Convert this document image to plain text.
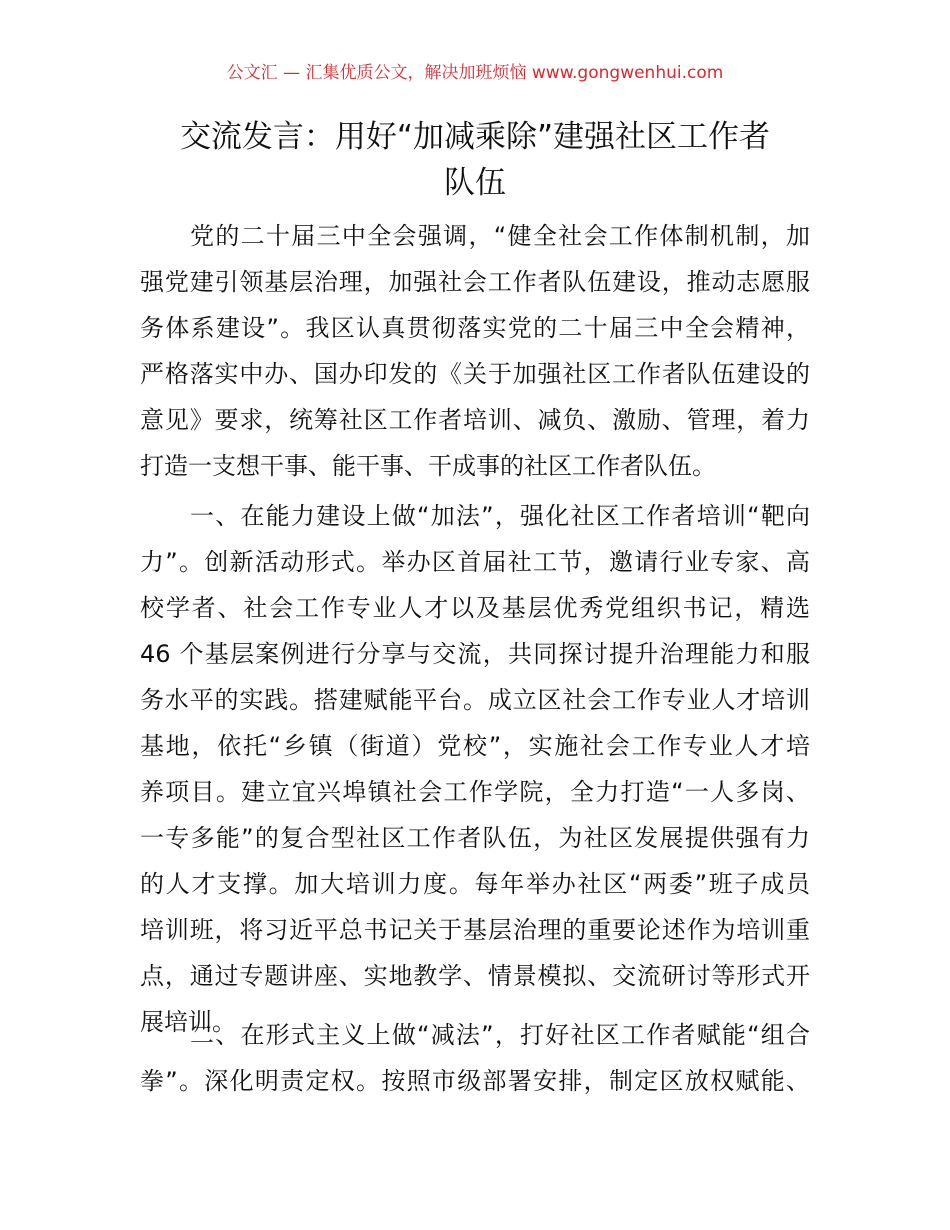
公文汇 — 汇集优质公文，解决加班烦恼 www.gongwenhui.com
交流发言：用好“加减乘除”建强社区工作者
队伍
党的二十届三中全会强调，“健全社会工作体制机制，加
强党建引领基层治理，加强社会工作者队伍建设，推动志愿服
务体系建设”。我区认真贯彻落实党的二十届三中全会精神，
严格落实中办、国办印发的《关于加强社区工作者队伍建设的
意见》要求，统筹社区工作者培训、减负、激励、管理，着力
打造一支想干事、能干事、干成事的社区工作者队伍。
一、在能力建设上做“加法”，强化社区工作者培训“靶向
力”。创新活动形式。举办区首届社工节，邀请行业专家、高
校学者、社会工作专业人才以及基层优秀党组织书记，精选
46 个基层案例进行分享与交流，共同探讨提升治理能力和服
务水平的实践。搭建赋能平台。成立区社会工作专业人才培训
基地，依托“乡镇（街道）党校”，实施社会工作专业人才培
养项目。建立宜兴埠镇社会工作学院，全力打造“一人多岗、
一专多能”的复合型社区工作者队伍，为社区发展提供强有力
的人才支撑。加大培训力度。每年举办社区“两委”班子成员
培训班，将习近平总书记关于基层治理的重要论述作为培训重
点，通过专题讲座、实地教学、情景模拟、交流研讨等形式开
展培训。
二、在形式主义上做“减法”，打好社区工作者赋能“组合
拳”。深化明责定权。按照市级部署安排，制定区放权赋能、
